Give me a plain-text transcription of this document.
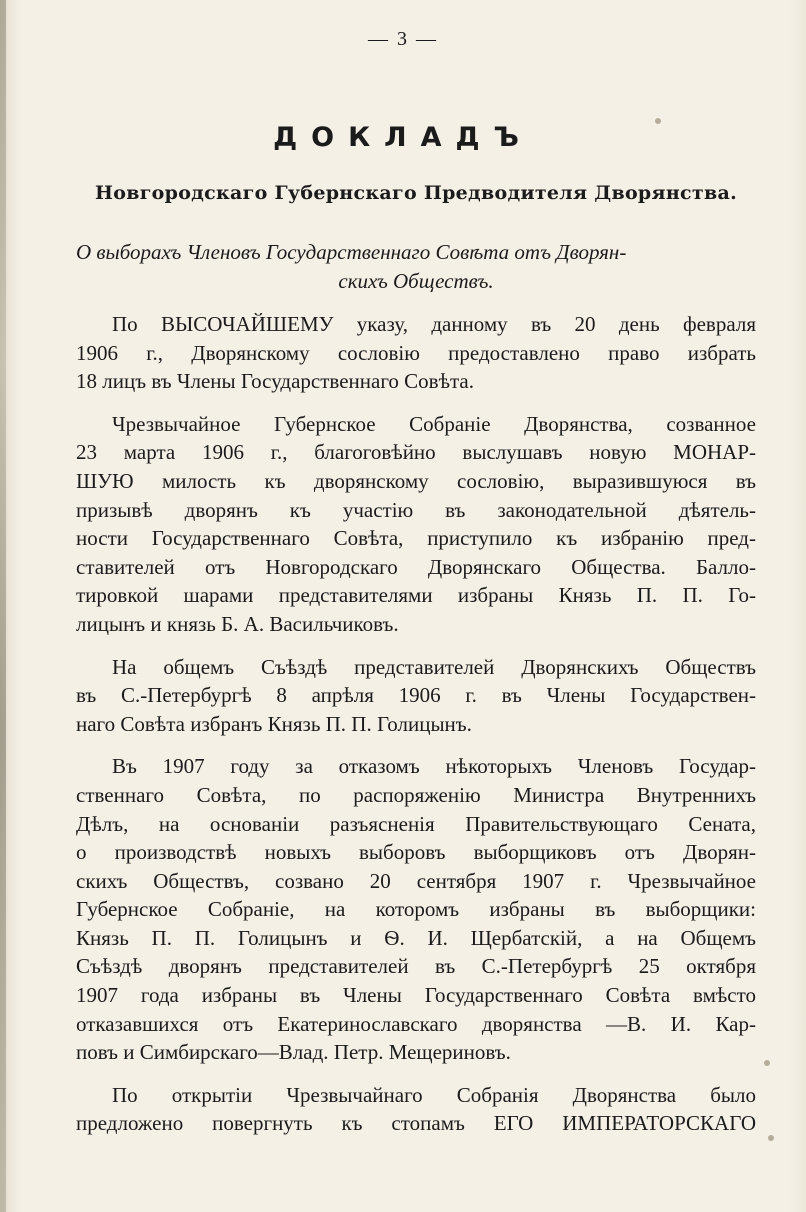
— 3 —
ДОКЛАДЪ
Новгородскаго Губернскаго Предводителя Дворянства.
О выборахъ Членовъ Государственнаго Совѣта отъ Дворян-
скихъ Обществъ.

По ВЫСОЧАЙШЕМУ указу, данному въ 20 день февраля
1906 г., Дворянскому сословію предоставлено право избрать
18 лицъ въ Члены Государственнаго Совѣта.

Чрезвычайное Губернское Собраніе Дворянства, созванное
23 марта 1906 г., благоговѣйно выслушавъ новую МОНАР-
ШУЮ милость къ дворянскому сословію, выразившуюся въ
призывѣ дворянъ къ участію въ законодательной дѣятель-
ности Государственнаго Совѣта, приступило къ избранію пред-
ставителей отъ Новгородскаго Дворянскаго Общества. Балло-
тировкой шарами представителями избраны Князь П. П. Го-
лицынъ и князь Б. А. Васильчиковъ.

На общемъ Съѣздѣ представителей Дворянскихъ Обществъ
въ С.-Петербургѣ 8 апрѣля 1906 г. въ Члены Государствен-
наго Совѣта избранъ Князь П. П. Голицынъ.

Въ 1907 году за отказомъ нѣкоторыхъ Членовъ Государ-
ственнаго Совѣта, по распоряженію Министра Внутреннихъ
Дѣлъ, на основаніи разъясненія Правительствующаго Сената,
о производствѣ новыхъ выборовъ выборщиковъ отъ Дворян-
скихъ Обществъ, созвано 20 сентября 1907 г. Чрезвычайное
Губернское Собраніе, на которомъ избраны въ выборщики:
Князь П. П. Голицынъ и Ѳ. И. Щербатскій, а на Общемъ
Съѣздѣ дворянъ представителей въ С.-Петербургѣ 25 октября
1907 года избраны въ Члены Государственнаго Совѣта вмѣсто
отказавшихся отъ Екатеринославскаго дворянства —В. И. Кар-
повъ и Симбирскаго—Влад. Петр. Мещериновъ.

По открытіи Чрезвычайнаго Собранія Дворянства было
предложено повергнуть къ стопамъ ЕГО ИМПЕРАТОРСКАГО
